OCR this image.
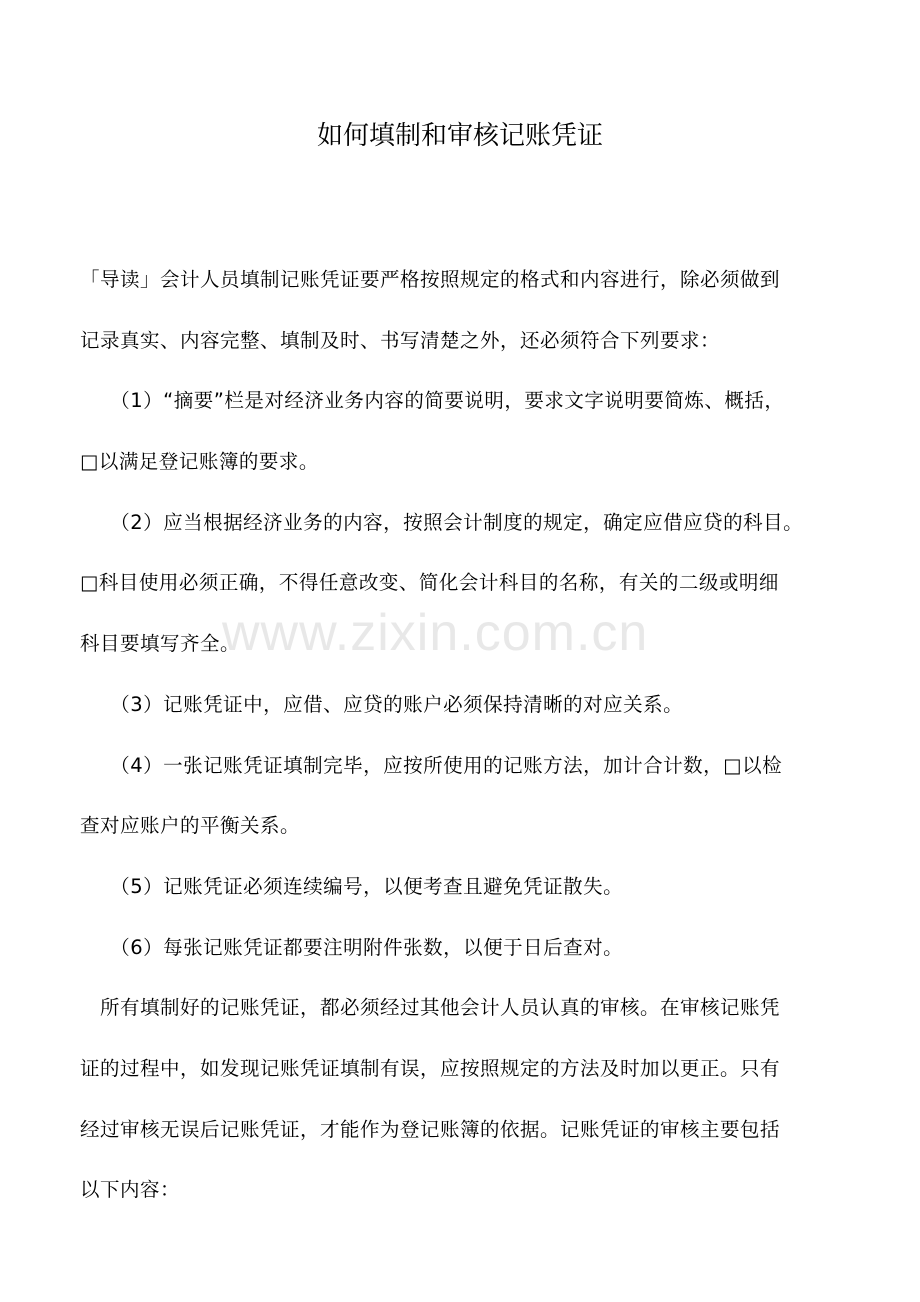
如何填制和审核记账凭证
「导读」会计人员填制记账凭证要严格按照规定的格式和内容进行，除必须做到
记录真实、内容完整、填制及时、书写清楚之外，还必须符合下列要求：
　　（1）“摘要”栏是对经济业务内容的简要说明，要求文字说明要简炼、概括，
□以满足登记账簿的要求。
　　（2）应当根据经济业务的内容，按照会计制度的规定，确定应借应贷的科目。
□科目使用必须正确，不得任意改变、简化会计科目的名称，有关的二级或明细
科目要填写齐全。
　　（3）记账凭证中，应借、应贷的账户必须保持清晰的对应关系。
　　（4）一张记账凭证填制完毕，应按所使用的记账方法，加计合计数，□以检
查对应账户的平衡关系。
　　（5）记账凭证必须连续编号，以便考查且避免凭证散失。
　　（6）每张记账凭证都要注明附件张数，以便于日后查对。
　所有填制好的记账凭证，都必须经过其他会计人员认真的审核。在审核记账凭
证的过程中，如发现记账凭证填制有误，应按照规定的方法及时加以更正。只有
经过审核无误后记账凭证，才能作为登记账簿的依据。记账凭证的审核主要包括
以下内容：
www.zixin.com.cn
